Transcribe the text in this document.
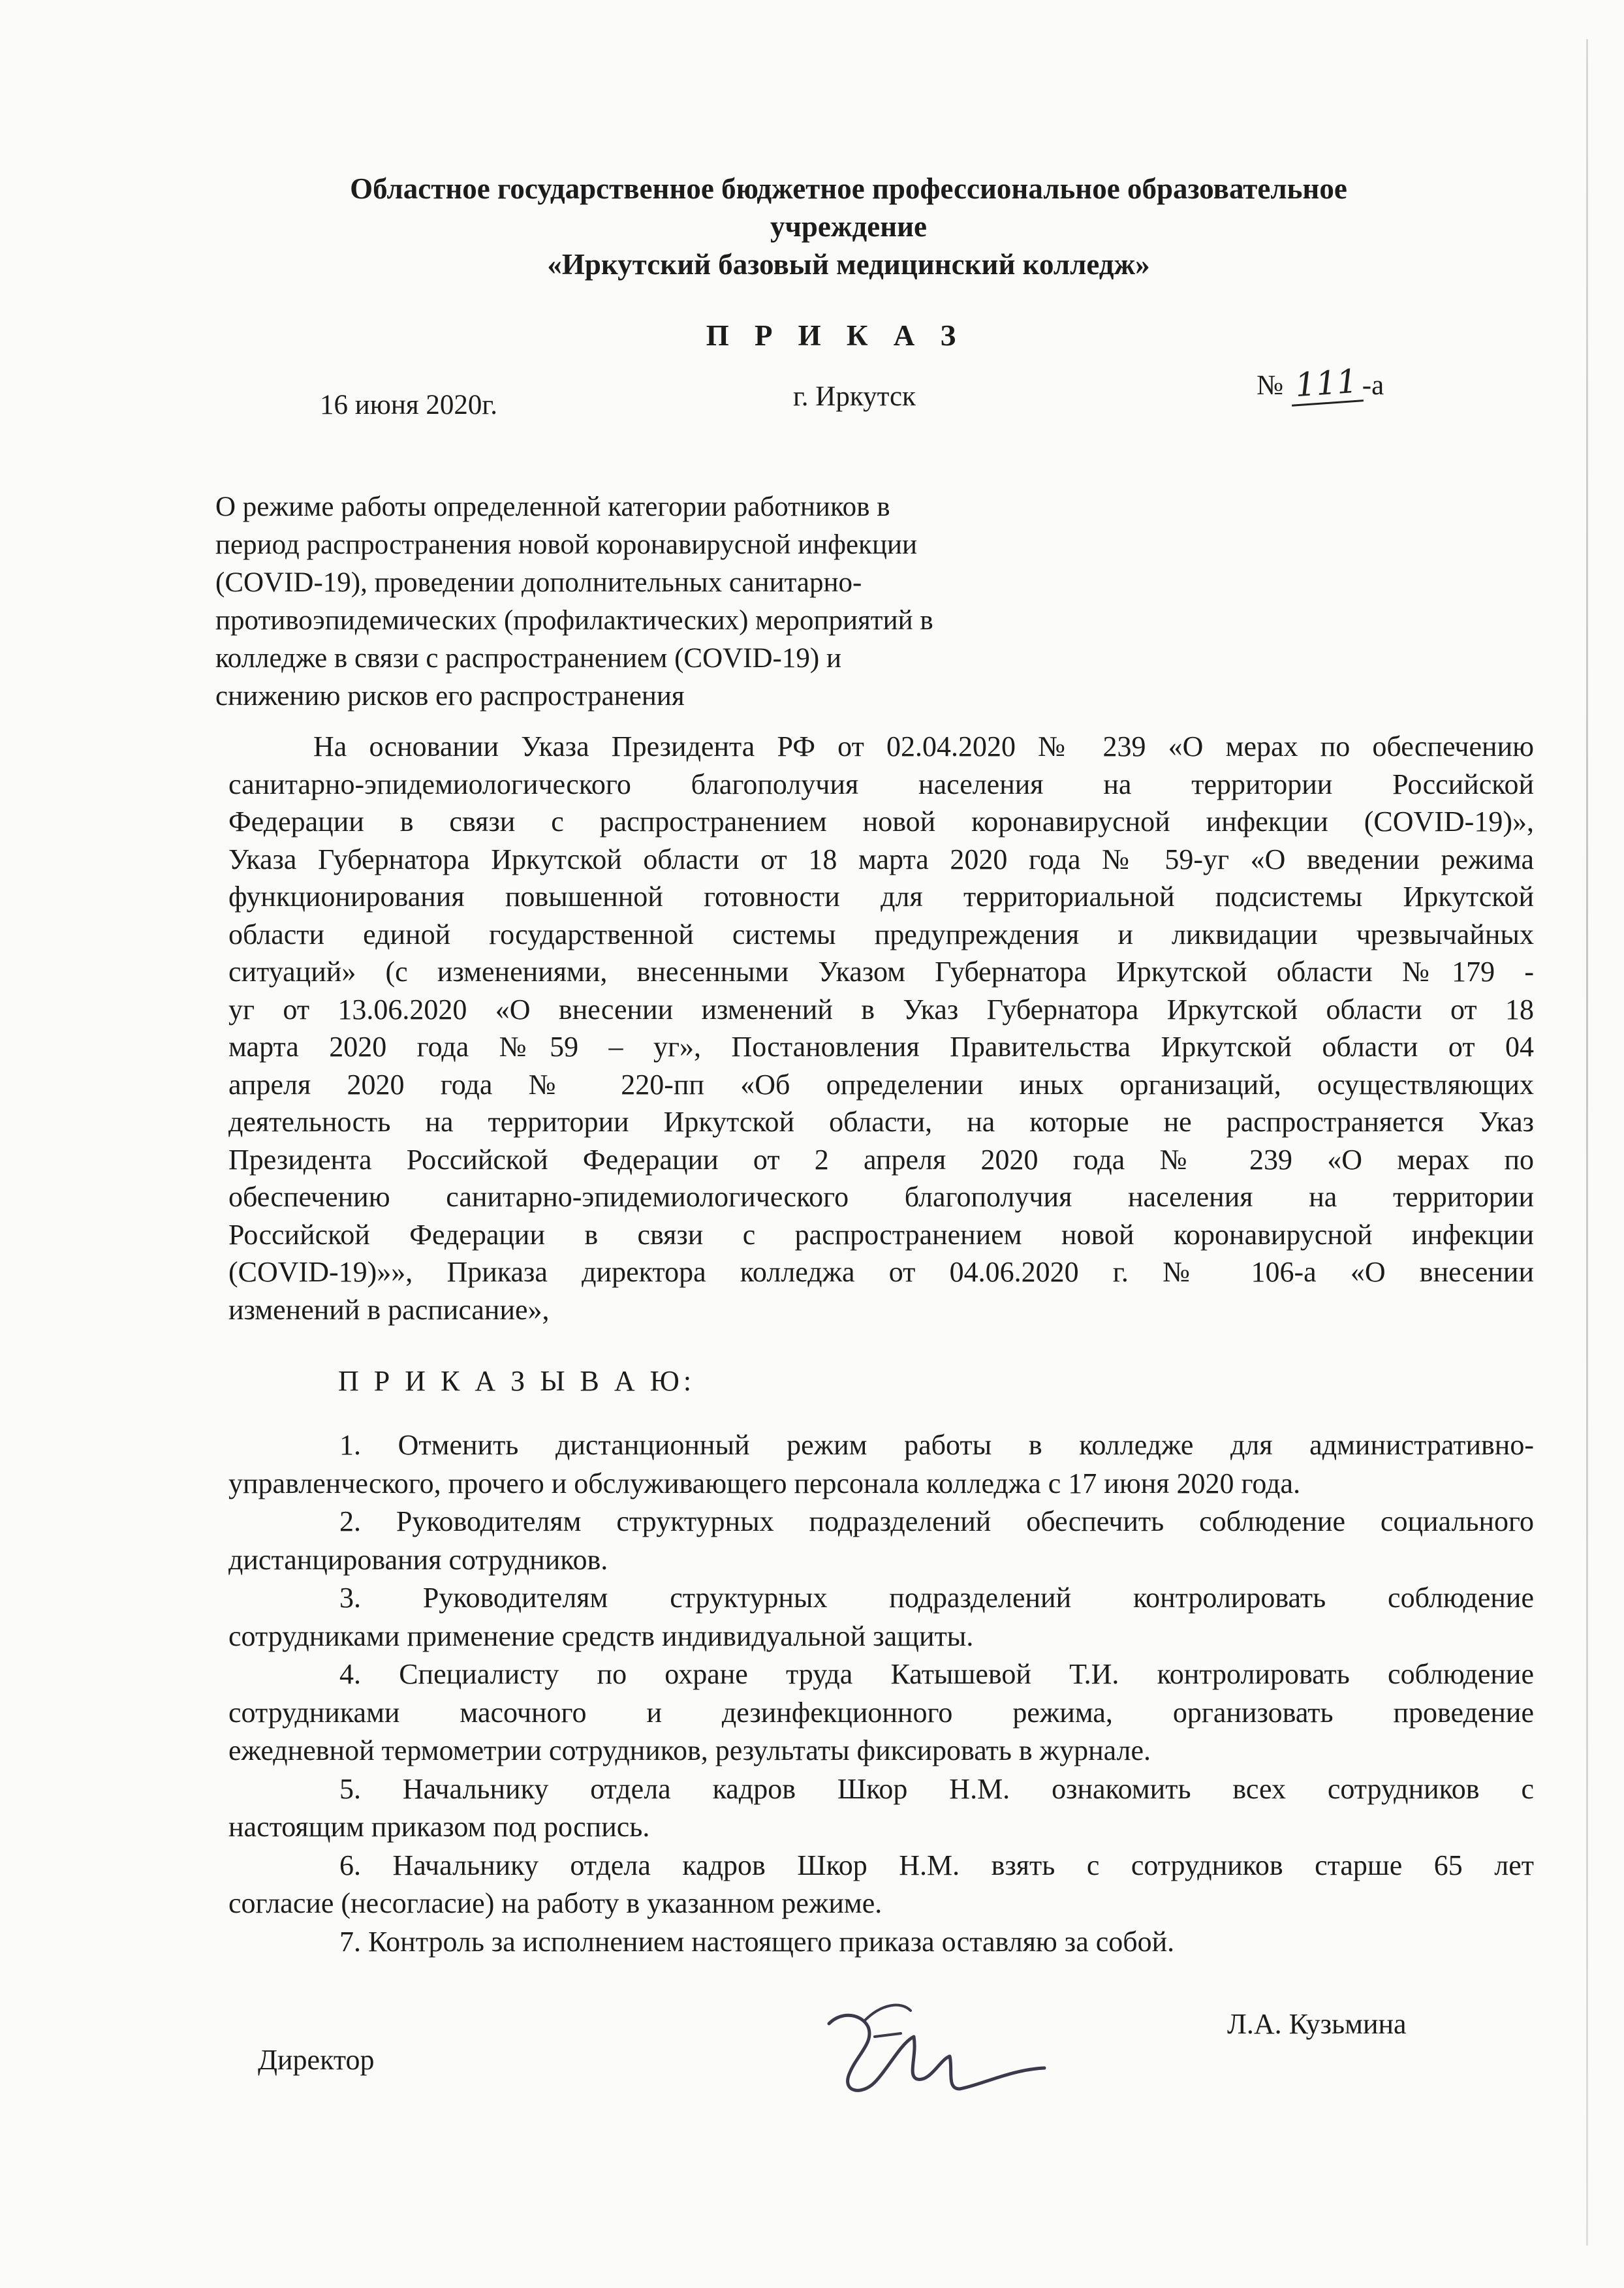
Областное государственное бюджетное профессиональное образовательное
учреждение
«Иркутский базовый медицинский колледж»
П Р И К А З
16 июня 2020г.	г. Иркутск	№ 111 -а
О режиме работы определенной категории работников в
период распространения новой коронавирусной инфекции
(COVID-19), проведении дополнительных санитарно-
противоэпидемических (профилактических) мероприятий в
колледже в связи с распространением (COVID-19) и
снижению рисков его распространения
На основании Указа Президента РФ от 02.04.2020 № 239 «О мерах по обеспечению
санитарно-эпидемиологического благополучия населения на территории Российской
Федерации в связи с распространением новой коронавирусной инфекции (COVID-19)»,
Указа Губернатора Иркутской области от 18 марта 2020 года № 59-уг «О введении режима
функционирования повышенной готовности для территориальной подсистемы Иркутской
области единой государственной системы предупреждения и ликвидации чрезвычайных
ситуаций» (с изменениями, внесенными Указом Губернатора Иркутской области №179 -
уг от 13.06.2020 «О внесении изменений в Указ Губернатора Иркутской области от 18
марта 2020 года №59 – уг», Постановления Правительства Иркутской области от 04
апреля 2020 года № 220-пп «Об определении иных организаций, осуществляющих
деятельность на территории Иркутской области, на которые не распространяется Указ
Президента Российской Федерации от 2 апреля 2020 года № 239 «О мерах по
обеспечению санитарно-эпидемиологического благополучия населения на территории
Российской Федерации в связи с распространением новой коронавирусной инфекции
(COVID-19)»», Приказа директора колледжа от 04.06.2020 г. № 106-а «О внесении
изменений в расписание»,
П Р И К А З Ы В А Ю:
1. Отменить дистанционный режим работы в колледже для административно-
управленческого, прочего и обслуживающего персонала колледжа с 17 июня 2020 года.
2. Руководителям структурных подразделений обеспечить соблюдение социального
дистанцирования сотрудников.
3. Руководителям структурных подразделений контролировать соблюдение
сотрудниками применение средств индивидуальной защиты.
4. Специалисту по охране труда Катышевой Т.И. контролировать соблюдение
сотрудниками масочного и дезинфекционного режима, организовать проведение
ежедневной термометрии сотрудников, результаты фиксировать в журнале.
5. Начальнику отдела кадров Шкор Н.М. ознакомить всех сотрудников с
настоящим приказом под роспись.
6. Начальнику отдела кадров Шкор Н.М. взять с сотрудников старше 65 лет
согласие (несогласие) на работу в указанном режиме.
7. Контроль за исполнением настоящего приказа оставляю за собой.
Директор
Л.А. Кузьмина
